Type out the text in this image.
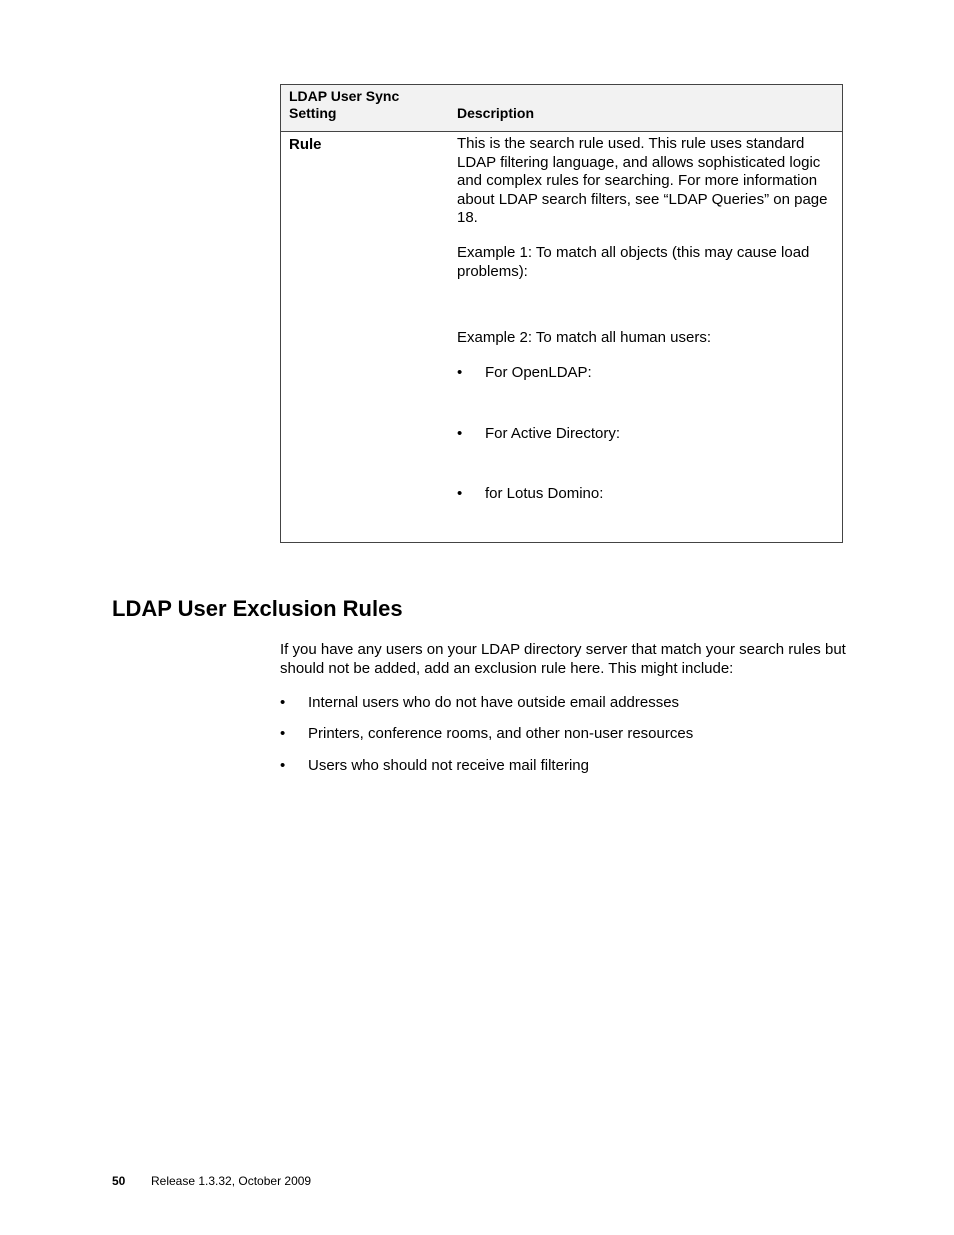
LDAP User Sync Setting	Description
Rule	This is the search rule used. This rule uses standard LDAP filtering language, and allows sophisticated logic and complex rules for searching. For more information about LDAP search filters, see “LDAP Queries” on page 18.
Example 1: To match all objects (this may cause load problems):
Example 2: To match all human users:
• For OpenLDAP:
• For Active Directory:
• for Lotus Domino:
LDAP User Exclusion Rules

If you have any users on your LDAP directory server that match your search rules but should not be added, add an exclusion rule here. This might include:

• Internal users who do not have outside email addresses
• Printers, conference rooms, and other non-user resources
• Users who should not receive mail filtering
50 Release 1.3.32, October 2009
